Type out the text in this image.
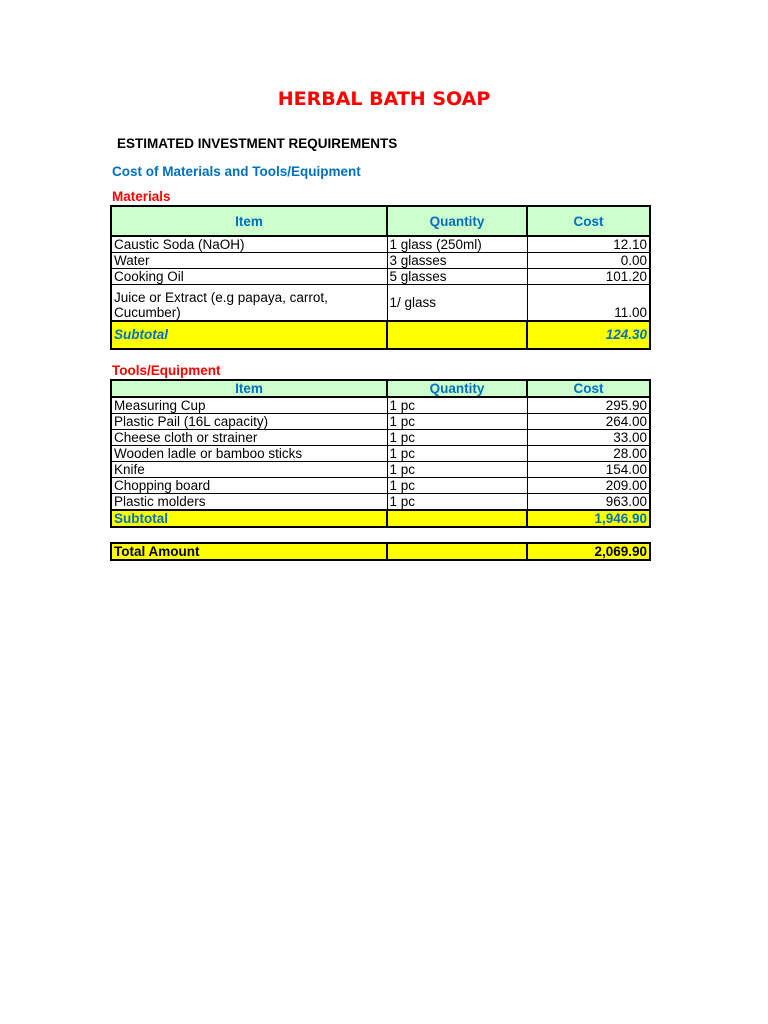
HERBAL BATH SOAP

ESTIMATED INVESTMENT REQUIREMENTS

Cost of Materials and Tools/Equipment

Materials

Item	Quantity	Cost
Caustic Soda (NaOH)	1 glass (250ml)	12.10
Water	3 glasses	0.00
Cooking Oil	5 glasses	101.20
Juice or Extract (e.g papaya, carrot, Cucumber)	1/ glass	11.00
Subtotal		124.30

Tools/Equipment

Item	Quantity	Cost
Measuring Cup	1 pc	295.90
Plastic Pail (16L capacity)	1 pc	264.00
Cheese cloth or strainer	1 pc	33.00
Wooden ladle or bamboo sticks	1 pc	28.00
Knife	1 pc	154.00
Chopping board	1 pc	209.00
Plastic molders	1 pc	963.00
Subtotal		1,946.90
Total Amount		2,069.90
